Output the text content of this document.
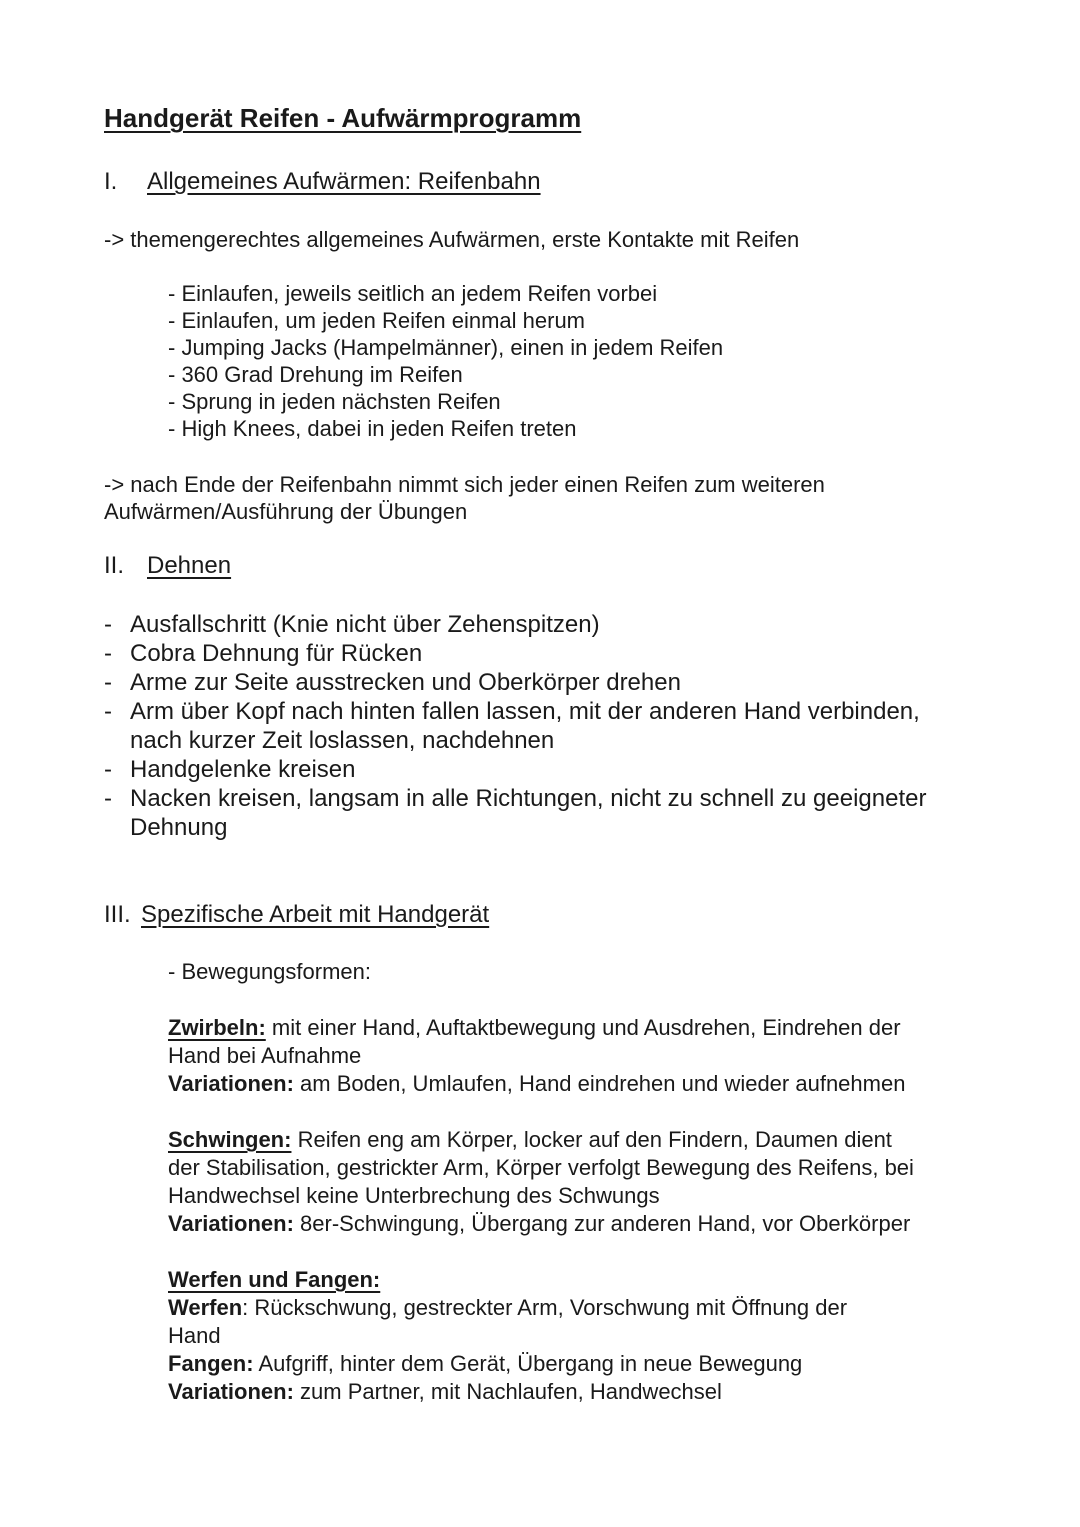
Handgerät Reifen - Aufwärmprogramm
I. Allgemeines Aufwärmen: Reifenbahn
-> themengerechtes allgemeines Aufwärmen, erste Kontakte mit Reifen
- Einlaufen, jeweils seitlich an jedem Reifen vorbei
- Einlaufen, um jeden Reifen einmal herum
- Jumping Jacks (Hampelmänner), einen in jedem Reifen
- 360 Grad Drehung im Reifen
- Sprung in jeden nächsten Reifen
- High Knees, dabei in jeden Reifen treten
-> nach Ende der Reifenbahn nimmt sich jeder einen Reifen zum weiteren
Aufwärmen/Ausführung der Übungen
II. Dehnen
- Ausfallschritt (Knie nicht über Zehenspitzen)
- Cobra Dehnung für Rücken
- Arme zur Seite ausstrecken und Oberkörper drehen
- Arm über Kopf nach hinten fallen lassen, mit der anderen Hand verbinden,
nach kurzer Zeit loslassen, nachdehnen
- Handgelenke kreisen
- Nacken kreisen, langsam in alle Richtungen, nicht zu schnell zu geeigneter
Dehnung
III. Spezifische Arbeit mit Handgerät
- Bewegungsformen:
Zwirbeln: mit einer Hand, Auftaktbewegung und Ausdrehen, Eindrehen der
Hand bei Aufnahme
Variationen: am Boden, Umlaufen, Hand eindrehen und wieder aufnehmen
Schwingen: Reifen eng am Körper, locker auf den Findern, Daumen dient
der Stabilisation, gestrickter Arm, Körper verfolgt Bewegung des Reifens, bei
Handwechsel keine Unterbrechung des Schwungs
Variationen: 8er-Schwingung, Übergang zur anderen Hand, vor Oberkörper
Werfen und Fangen:
Werfen: Rückschwung, gestreckter Arm, Vorschwung mit Öffnung der
Hand
Fangen: Aufgriff, hinter dem Gerät, Übergang in neue Bewegung
Variationen: zum Partner, mit Nachlaufen, Handwechsel
